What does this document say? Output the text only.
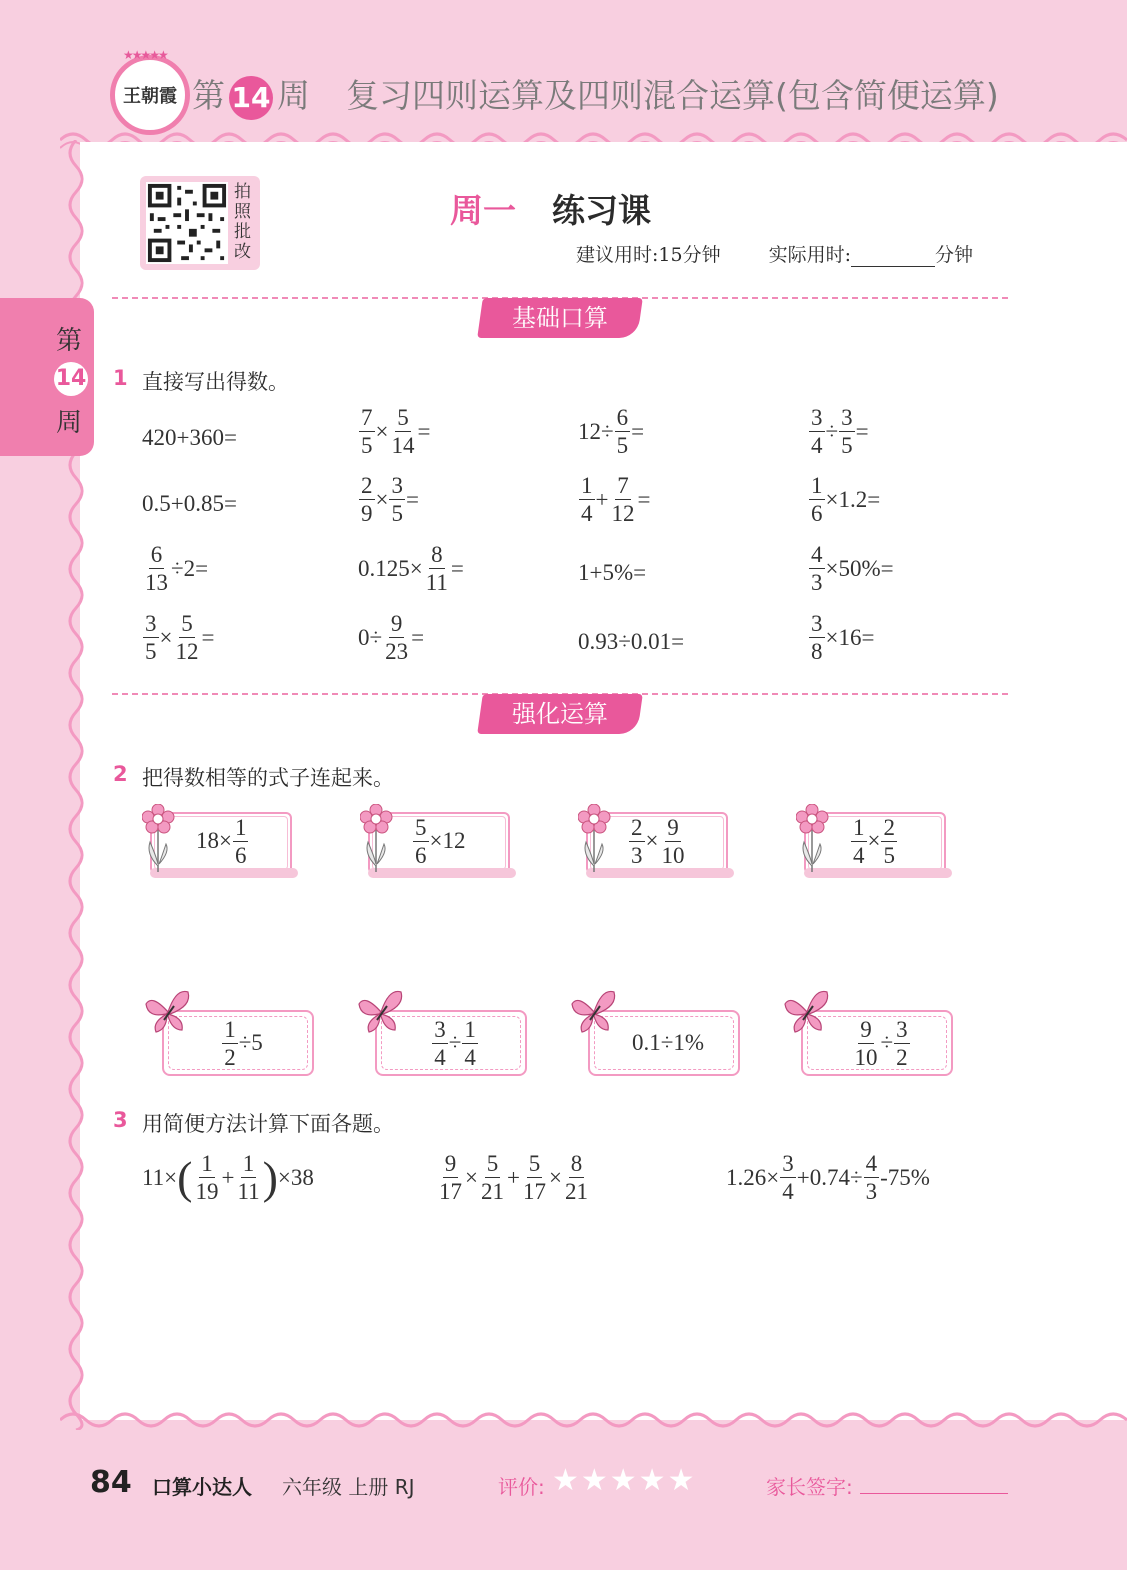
★★★★★
王朝霞 第 14 周 复习四则运算及四则混合运算(包含简便运算)
第
14
周
拍照批改
周一 练习课
建议用时:15分钟	实际用时:	分钟
基础口算
1 直接写出得数。
420+360=	$\frac{7}{5} \times \frac{5}{14}$ =	$12\div \frac{6}{5}$ =	$\frac{3}{4} \div \frac{3}{5}$ =
0.5+0.85=	$\frac{2}{9} \times \frac{3}{5}$ =	$\frac{1}{4} + \frac{7}{12}$ =	$\frac{1}{6} \times 1.2=$
$\frac{6}{13} \div 2=$	$0.125\times \frac{8}{11}$ =	1+5%=	$\frac{4}{3} \times 50\%=$
$\frac{3}{5} \times \frac{5}{12}$ =	$0\div \frac{9}{23}$ =	0.93÷0.01=	$\frac{3}{8} \times 16=$
强化运算
2 把得数相等的式子连起来。
$18\times \frac{1}{6}$	$\frac{5}{6} \times 12$	$\frac{2}{3} \times \frac{9}{10}$	$\frac{1}{4} \times \frac{2}{5}$
$\frac{1}{2} \div 5$	$\frac{3}{4} \div \frac{1}{4}$	0.1÷1%	$\frac{9}{10} \div \frac{3}{2}$
3 用简便方法计算下面各题。
11× ( $\frac{1}{19} + \frac{1}{11}$ ) ×38	$\frac{9}{17} \times \frac{5}{21} + \frac{5}{17} \times \frac{8}{21}$	$1.26\times \frac{3}{4} +0.74\div \frac{4}{3} -75\%$
84 口算小达人 六年级 上册 RJ	评价: ★★★★★	家长签字:
